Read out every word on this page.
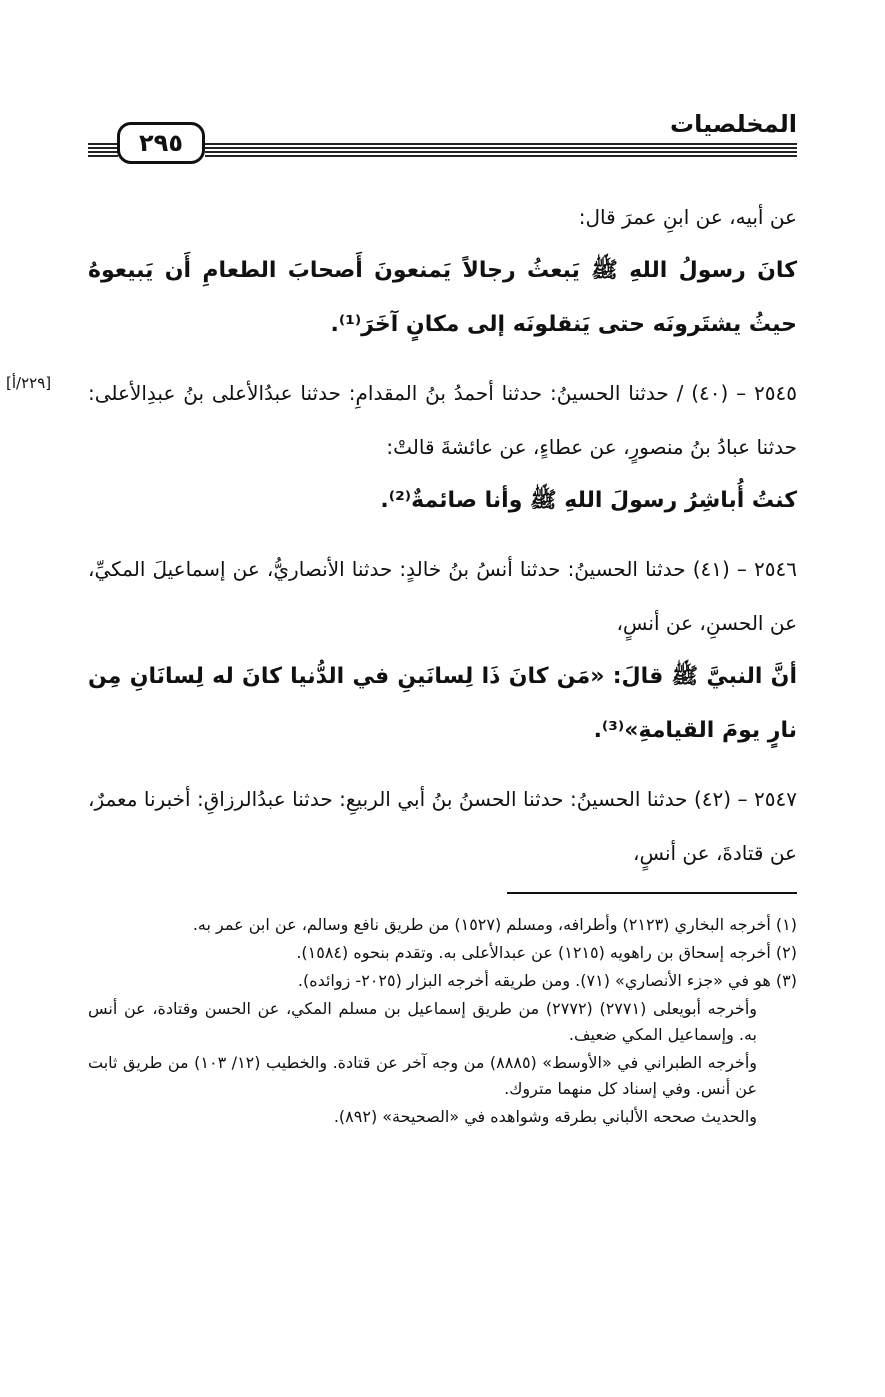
المخلصيات
٢٩٥
[٢٢٩/أ]

عن أبيه، عن ابنِ عمرَ قال:

كانَ رسولُ اللهِ ﷺ يَبعثُ رجالاً يَمنعونَ أَصحابَ الطعامِ أَن يَبيعوهُ حيثُ يشتَرونَه حتى يَنقلونَه إلى مكانٍ آخَرَ⁽¹⁾.

٢٥٤٥ – (٤٠) / حدثنا الحسينُ: حدثنا أحمدُ بنُ المقدامِ: حدثنا عبدُالأعلى بنُ عبدِالأعلى: حدثنا عبادُ بنُ منصورٍ، عن عطاءٍ، عن عائشةَ قالتْ:

كنتُ أُباشِرُ رسولَ اللهِ ﷺ وأنا صائمةٌ⁽²⁾.

٢٥٤٦ – (٤١) حدثنا الحسينُ: حدثنا أنسُ بنُ خالدٍ: حدثنا الأنصاريُّ، عن إسماعيلَ المكيِّ، عن الحسنِ، عن أنسٍ،

أنَّ النبيَّ ﷺ قالَ: «مَن كانَ ذَا لِسانَينِ في الدُّنيا كانَ له لِسانَانِ مِن نارٍ يومَ القيامةِ»⁽³⁾.

٢٥٤٧ – (٤٢) حدثنا الحسينُ: حدثنا الحسنُ بنُ أبي الربيعِ: حدثنا عبدُالرزاقِ: أخبرنا معمرٌ، عن قتادةَ، عن أنسٍ،

(١) أخرجه البخاري (٢١٢٣) وأطرافه، ومسلم (١٥٢٧) من طريق نافع وسالم، عن ابن عمر به.

(٢) أخرجه إسحاق بن راهويه (١٢١٥) عن عبدالأعلى به. وتقدم بنحوه (١٥٨٤).

(٣) هو في «جزء الأنصاري» (٧١). ومن طريقه أخرجه البزار (٢٠٢٥- زوائده).

وأخرجه أبويعلى (٢٧٧١) (٢٧٧٢) من طريق إسماعيل بن مسلم المكي، عن الحسن وقتادة، عن أنس به. وإسماعيل المكي ضعيف.

وأخرجه الطبراني في «الأوسط» (٨٨٨٥) من وجه آخر عن قتادة. والخطيب (١٢/ ١٠٣) من طريق ثابت عن أنس. وفي إسناد كل منهما متروك.

والحديث صححه الألباني بطرقه وشواهده في «الصحيحة» (٨٩٢).
